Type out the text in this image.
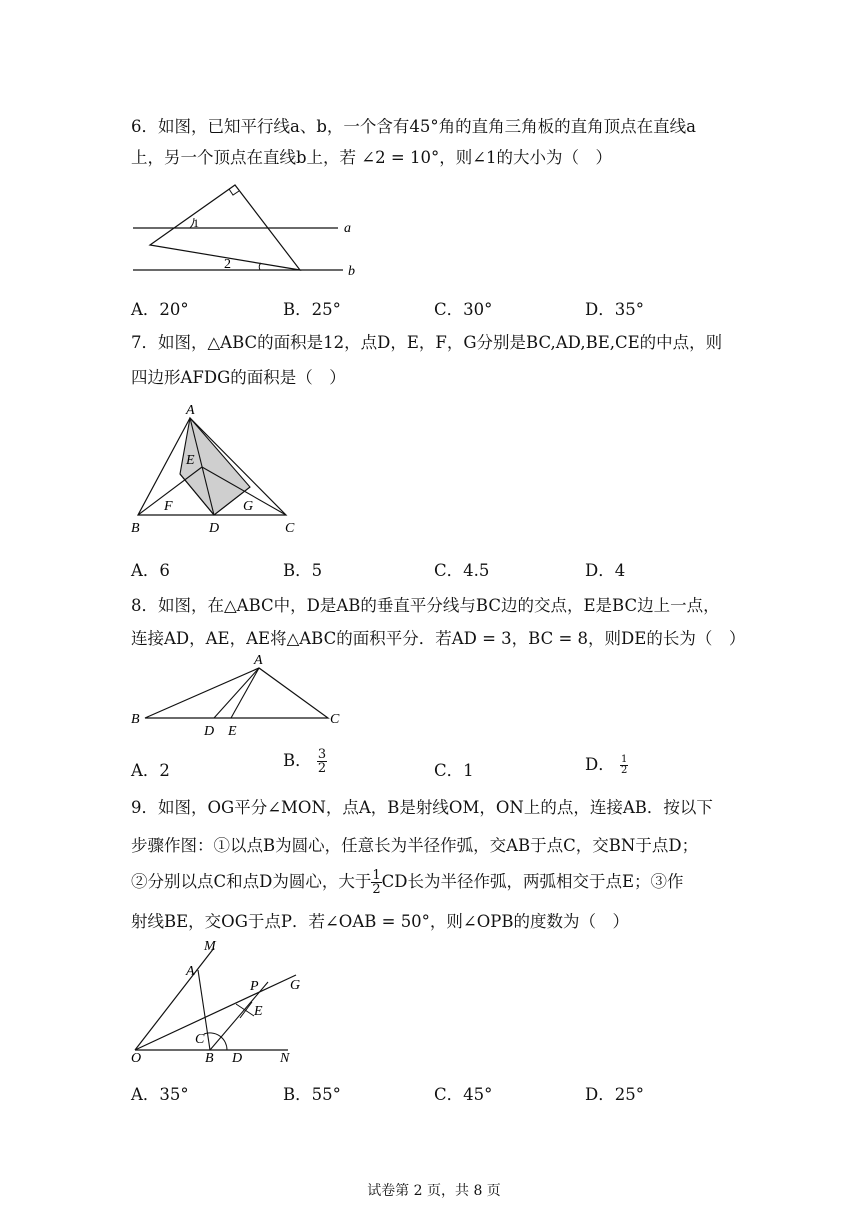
6．如图，已知平行线a、b，一个含有45°角的直角三角板的直角顶点在直线a
上，另一个顶点在直线b上，若 ∠2 = 10°，则∠1的大小为（　）
a
b
1
2
A．20°	B．25°	C．30°	D．35°
7．如图，△ABC的面积是12，点D，E，F，G分别是BC,AD,BE,CE的中点，则
四边形AFDG的面积是（　）
A
B	C
D
E
F	G
A．6	B．5	C．4.5	D．4
8．如图，在△ABC中，D是AB的垂直平分线与BC边的交点，E是BC边上一点，
连接AD，AE，AE将△ABC的面积平分．若AD = 3，BC = 8，则DE的长为（　）
A
B	C
D E
A．2
B． $\frac{3}{2}$	C．1	D． $\frac{1}{2}$
9．如图，OG平分∠MON，点A，B是射线OM，ON上的点，连接AB．按以下
步骤作图：①以点B为圆心，任意长为半径作弧，交AB于点C，交BN于点D；
②分别以点C和点D为圆心，大于 $\frac{1}{2}$ CD长为半径作弧，两弧相交于点E；③作
射线BE，交OG于点P．若∠OAB = 50°，则∠OPB的度数为（　）
M
A
P G
E
C
O	B D	N
A．35°	B．55°	C．45°	D．25°
试卷第 2 页，共 8 页
